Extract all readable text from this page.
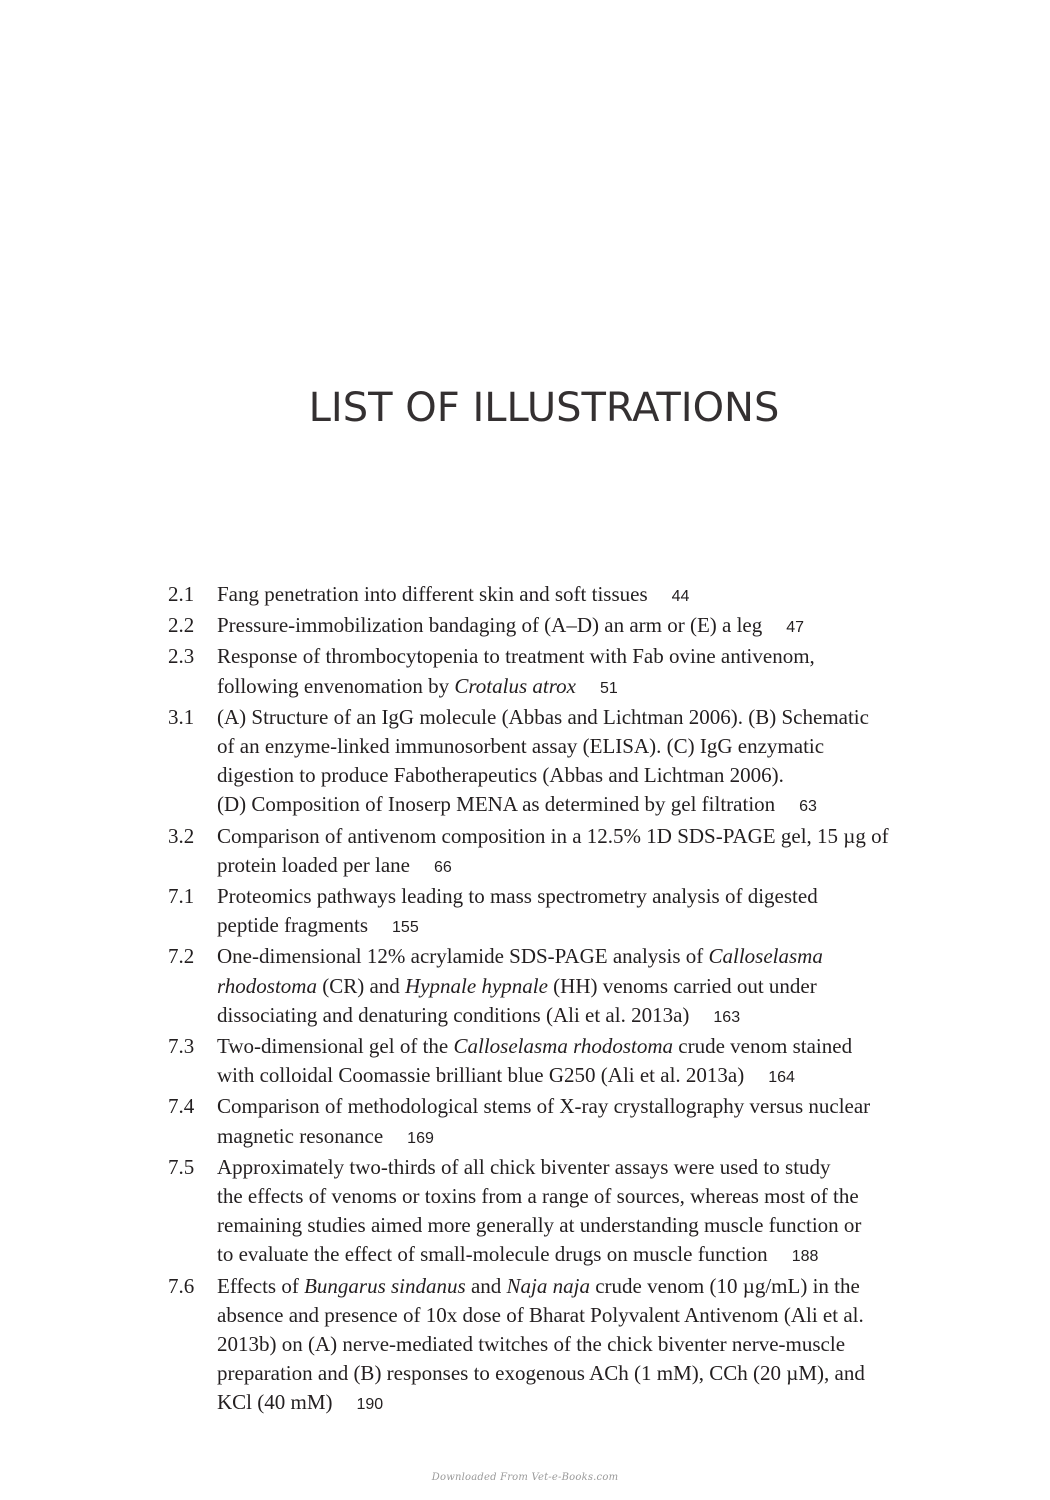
LIST OF ILLUSTRATIONS
2.1	Fang penetration into different skin and soft tissues 44
2.2	Pressure-immobilization bandaging of (A–D) an arm or (E) a leg 47
2.3	Response of thrombocytopenia to treatment with Fab ovine antivenom,
following envenomation by Crotalus atrox 51
3.1	(A) Structure of an IgG molecule (Abbas and Lichtman 2006). (B) Schematic
of an enzyme-linked immunosorbent assay (ELISA). (C) IgG enzymatic
digestion to produce Fabotherapeutics (Abbas and Lichtman 2006).
(D) Composition of Inoserp MENA as determined by gel filtration 63
3.2	Comparison of antivenom composition in a 12.5% 1D SDS-PAGE gel, 15 µg of
protein loaded per lane 66
7.1	Proteomics pathways leading to mass spectrometry analysis of digested
peptide fragments 155
7.2	One-dimensional 12% acrylamide SDS-PAGE analysis of Calloselasma
rhodostoma (CR) and Hypnale hypnale (HH) venoms carried out under
dissociating and denaturing conditions (Ali et al. 2013a) 163
7.3	Two-dimensional gel of the Calloselasma rhodostoma crude venom stained
with colloidal Coomassie brilliant blue G250 (Ali et al. 2013a) 164
7.4	Comparison of methodological stems of X-ray crystallography versus nuclear
magnetic resonance 169
7.5	Approximately two-thirds of all chick biventer assays were used to study
the effects of venoms or toxins from a range of sources, whereas most of the
remaining studies aimed more generally at understanding muscle function or
to evaluate the effect of small-molecule drugs on muscle function 188
7.6	Effects of Bungarus sindanus and Naja naja crude venom (10 µg/mL) in the
absence and presence of 10x dose of Bharat Polyvalent Antivenom (Ali et al.
2013b) on (A) nerve-mediated twitches of the chick biventer nerve-muscle
preparation and (B) responses to exogenous ACh (1 mM), CCh (20 µM), and
KCl (40 mM) 190
Downloaded From Vet-e-Books.com
